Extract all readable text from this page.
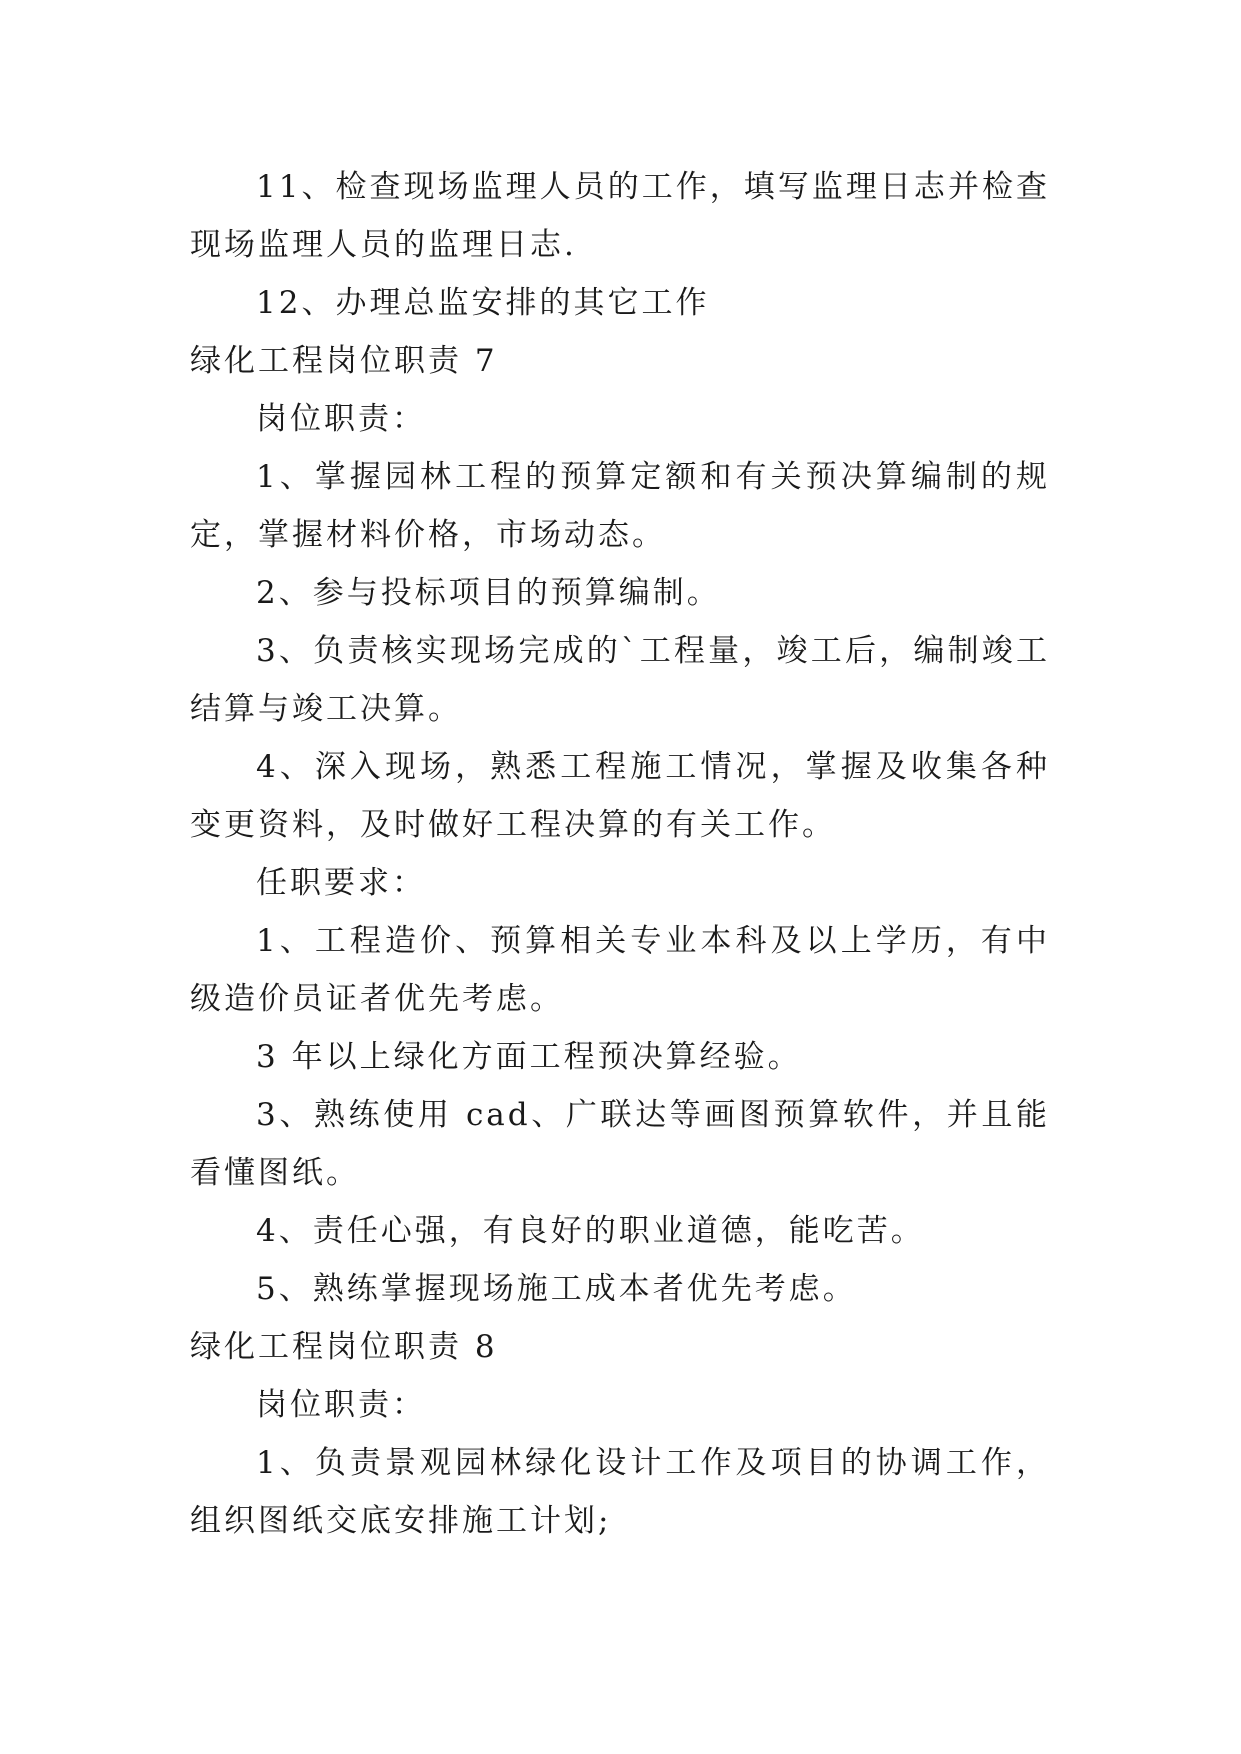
11、检查现场监理人员的工作，填写监理日志并检查现场监理人员的监理日志.

12、办理总监安排的其它工作

绿化工程岗位职责 7

岗位职责：

1、掌握园林工程的预算定额和有关预决算编制的规定，掌握材料价格，市场动态。

2、参与投标项目的预算编制。

3、负责核实现场完成的`工程量，竣工后，编制竣工结算与竣工决算。

4、深入现场，熟悉工程施工情况，掌握及收集各种变更资料，及时做好工程决算的有关工作。

任职要求：

1、工程造价、预算相关专业本科及以上学历，有中级造价员证者优先考虑。

3 年以上绿化方面工程预决算经验。

3、熟练使用 cad、广联达等画图预算软件，并且能看懂图纸。

4、责任心强，有良好的职业道德，能吃苦。

5、熟练掌握现场施工成本者优先考虑。

绿化工程岗位职责 8

岗位职责：

1、负责景观园林绿化设计工作及项目的协调工作，组织图纸交底安排施工计划;
